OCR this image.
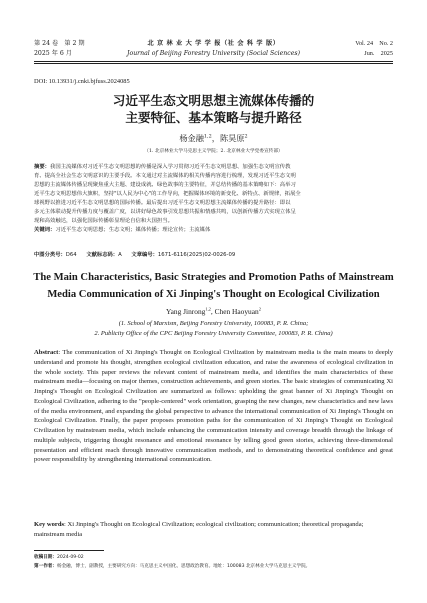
第 24 卷　第 2 期
2025 年 6 月
北 京 林 业 大 学 学 报（社 会 科 学 版）
Journal of Beijing Forestry University (Social Sciences)
Vol. 24　No. 2
Jun.　2025
DOI: 10.13931/j.cnki.bjfuss.2024085
习近平生态文明思想主流媒体传播的
主要特征、基本策略与提升路径
杨金融$^{1,2}$，陈昊原$^2$
（1. 北京林业大学马克思主义学院；2. 北京林业大学党委宣传部）
摘要：我国主流媒体对习近平生态文明思想的传播是深入学习贯彻习近平生态文明思想、加强生态文明宣传教
育、提高全社会生态文明意识的主要手段。本文通过对主流媒体的相关传播内容进行梳理，发现习近平生态文明
思想的主流媒体传播呈现聚焦重大主题、建设成就、绿色故事的主要特征，并总结传播的基本策略如下：高举习
近平生态文明思想伟大旗帜，坚持"以人民为中心"的工作导向，把握媒体环境的新变化、新特点、新规律，拓展全
球视野以推进习近平生态文明思想的国际传播。最后提出习近平生态文明思想主流媒体传播的提升路径：即以
多元主体联动提升传播力度与覆盖广度，以讲好绿色故事引发思想共振和情感共鸣，以创新传播方式实现立体呈
现和高效触达，以强化国际传播彰显理论自信和大国担当。
关键词：习近平生态文明思想；生态文明；媒体传播；理论宣传；主流媒体
中图分类号：D64 文献标志码：A 文章编号：1671-6116(2025)02-0026-09
The Main Characteristics, Basic Strategies and Promotion Paths of Mainstream
Media Communication of Xi Jinping's Thought on Ecological Civilization
Yang Jinrong$^{1,2}$, Chen Haoyuan$^2$
(1. School of Marxism, Beijing Forestry University, 100083, P. R. China;
2. Publicity Office of the CPC Beijing Forestry University Committee, 100083, P. R. China)
Abstract: The communication of Xi Jinping's Thought on Ecological Civilization by mainstream media is the main means to deeply understand and promote his thought, strengthen ecological civilization education, and raise the awareness of ecological civilization in the whole society. This paper reviews the relevant content of mainstream media, and identifies the main characteristics of these mainstream media—focusing on major themes, construction achievements, and green stories. The basic strategies of communicating Xi Jinping's Thought on Ecological Civilization are summarized as follows: upholding the great banner of Xi Jinping's Thought on Ecological Civilization, adhering to the "people-centered" work orientation, grasping the new changes, new characteristics and new laws of the media environment, and expanding the global perspective to advance the international communication of Xi Jinping's Thought on Ecological Civilization. Finally, the paper proposes promotion paths for the communication of Xi Jinping's Thought on Ecological Civilization by mainstream media, which include enhancing the communication intensity and coverage breadth through the linkage of multiple subjects, triggering thought resonance and emotional resonance by telling good green stories, achieving three-dimensional presentation and efficient reach through innovative communication methods, and to demonstrating theoretical confidence and great power responsibility by strengthening international communication.
Key words: Xi Jinping's Thought on Ecological Civilization; ecological civilization; communication; theoretical propaganda; mainstream media
收稿日期：2024-09-02
第一作者：杨金融，博士，副教授，主要研究方向：马克思主义中国化、思想政治教育。地址：100083 北京林业大学马克思主义学院。
